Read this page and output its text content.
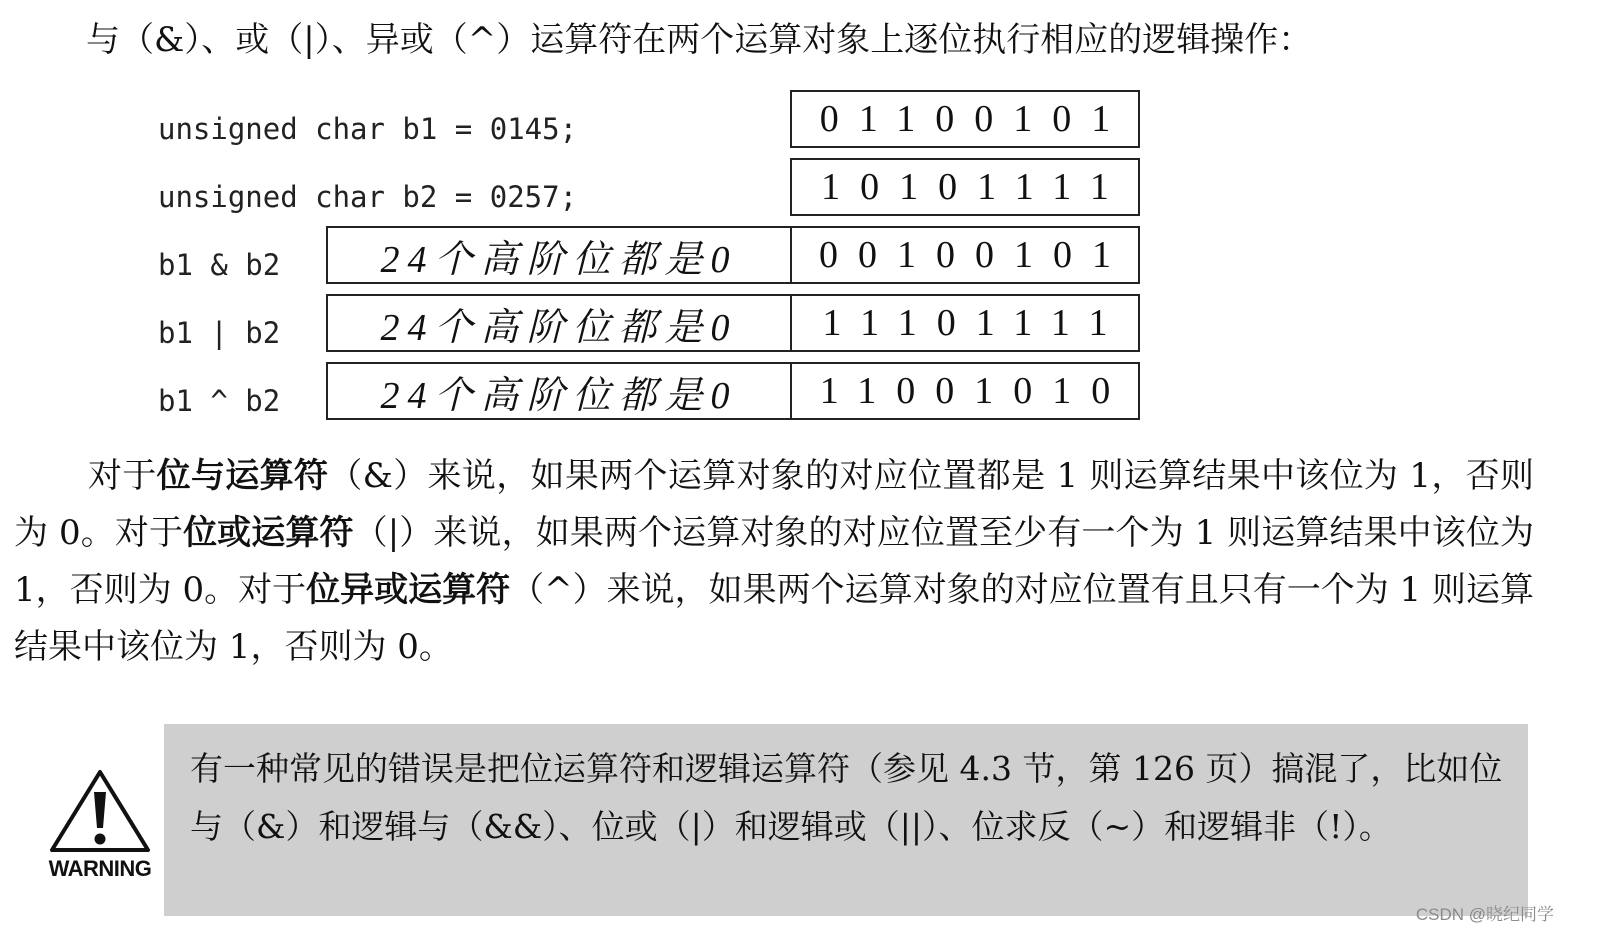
与（&）、或（|）、异或（^）运算符在两个运算对象上逐位执行相应的逻辑操作：
unsigned char b1 = 0145;	01100101
unsigned char b2 = 0257;	10101111
b1 & b2	24个高阶位都是0	00100101
b1 | b2	24个高阶位都是0	11101111
b1 ^ b2	24个高阶位都是0	11001010

对于位与运算符（&）来说，如果两个运算对象的对应位置都是 1 则运算结果中该位为 1，否则为 0。对于位或运算符（|）来说，如果两个运算对象的对应位置至少有一个为 1 则运算结果中该位为 1，否则为 0。对于位异或运算符（^）来说，如果两个运算对象的对应位置有且只有一个为 1 则运算结果中该位为 1，否则为 0。

WARNING

有一种常见的错误是把位运算符和逻辑运算符（参见 4.3 节，第 126 页）搞混了，比如位与（&）和逻辑与（&&）、位或（|）和逻辑或（||）、位求反（~）和逻辑非（!）。

CSDN @晓纪同学
